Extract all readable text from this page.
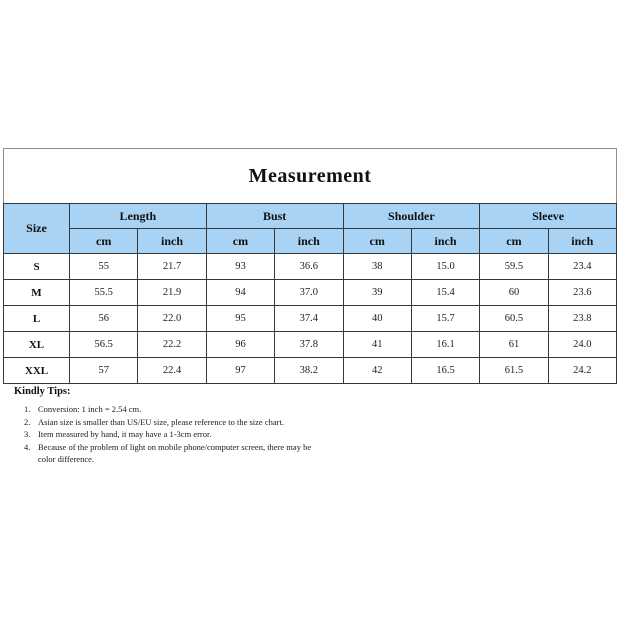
Measurement
Size	Length		Bust		Shoulder		Sleeve	
	cm	inch	cm	inch	cm	inch	cm	inch
S	55	21.7	93	36.6	38	15.0	59.5	23.4
M	55.5	21.9	94	37.0	39	15.4	60	23.6
L	56	22.0	95	37.4	40	15.7	60.5	23.8
XL	56.5	22.2	96	37.8	41	16.1	61	24.0
XXL	57	22.4	97	38.2	42	16.5	61.5	24.2
Kindly Tips:
Conversion: 1 inch = 2.54 cm.
Asian size is smaller than US/EU size, please reference to the size chart.
Item measured by hand, it may have a 1-3cm error.
Because of the problem of light on mobile phone/computer screen, there may be color difference.
